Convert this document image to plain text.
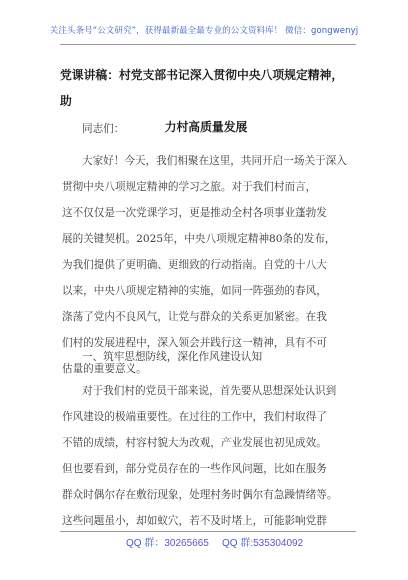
关注头条号“公文研究”，获得最新最全最专业的公文资料库！ 微信：gongwenyj
党课讲稿：村党支部书记深入贯彻中央八项规定精神，助

力村高质量发展
同志们：
大家好！今天，我们相聚在这里，共同开启一场关于深入
贯彻中央八项规定精神的学习之旅。对于我们村而言，
这不仅仅是一次党课学习，更是推动全村各项事业蓬勃发
展的关键契机。2025年，中央八项规定精神80条的发布，
为我们提供了更明确、更细致的行动指南。自党的十八大
以来，中央八项规定精神的实施，如同一阵强劲的春风，
涤荡了党内不良风气，让党与群众的关系更加紧密。在我
们村的发展进程中，深入领会并践行这一精神，具有不可
估量的重要意义。
一、筑牢思想防线，深化作风建设认知
对于我们村的党员干部来说，首先要从思想深处认识到
作风建设的极端重要性。在过往的工作中，我们村取得了
不错的成绩，村容村貌大为改观，产业发展也初见成效。
但也要看到，部分党员存在的一些作风问题，比如在服务
群众时偶尔存在敷衍现象，处理村务时偶尔有急躁情绪等。
这些问题虽小，却如蚁穴，若不及时堵上，可能影响党群
QQ 群：30265665 QQ 群:535304092
